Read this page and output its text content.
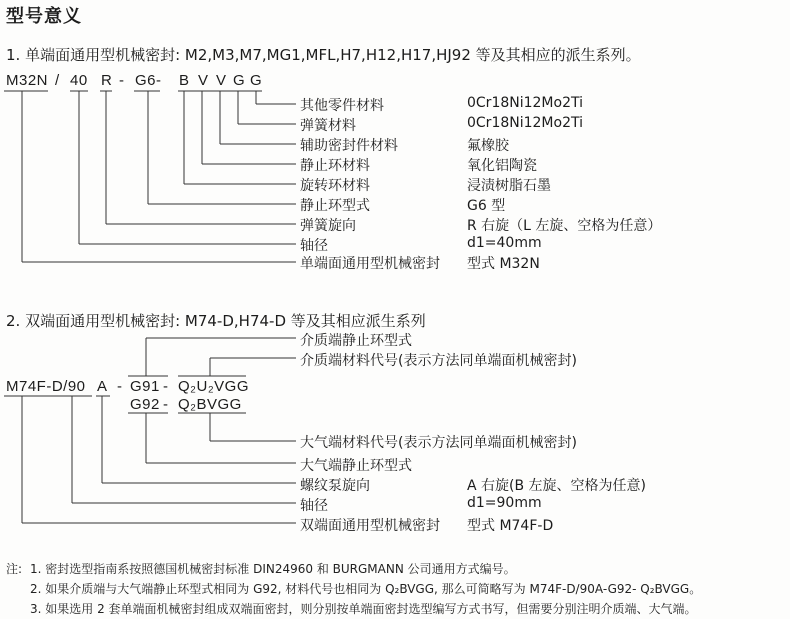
型号意义
1. 单端面通用型机械密封: M2,M3,M7,MG1,MFL,H7,H12,H17,HJ92 等及其相应的派生系列。
M32N / 40 R - G6- B V V G G
其他零件材料	0Cr18Ni12Mo2Ti
弹簧材料	0Cr18Ni12Mo2Ti
辅助密封件材料	氟橡胶
静止环材料	氧化铝陶瓷
旋转环材料	浸渍树脂石墨
静止环型式	G6 型
弹簧旋向	R 右旋（L 左旋、空格为任意）
轴径	d1=40mm
单端面通用型机械密封 型式 M32N
2. 双端面通用型机械密封: M74-D,H74-D 等及其相应派生系列
M74F-D/90 A - G91 - Q₂U₂VGG
G92 - Q₂BVGG
介质端静止环型式
介质端材料代号(表示方法同单端面机械密封)
大气端材料代号(表示方法同单端面机械密封)
大气端静止环型式
螺纹泵旋向	A 右旋(B 左旋、空格为任意)
轴径	d1=90mm
双端面通用型机械密封 型式 M74F-D
注: 1. 密封选型指南系按照德国机械密封标准 DIN24960 和 BURGMANN 公司通用方式编号。
2. 如果介质端与大气端静止环型式相同为 G92, 材料代号也相同为 Q₂BVGG, 那么可简略写为 M74F-D/90A-G92- Q₂BVGG。
3. 如果选用 2 套单端面机械密封组成双端面密封，则分别按单端面密封选型编写方式书写，但需要分别注明介质端、大气端。
